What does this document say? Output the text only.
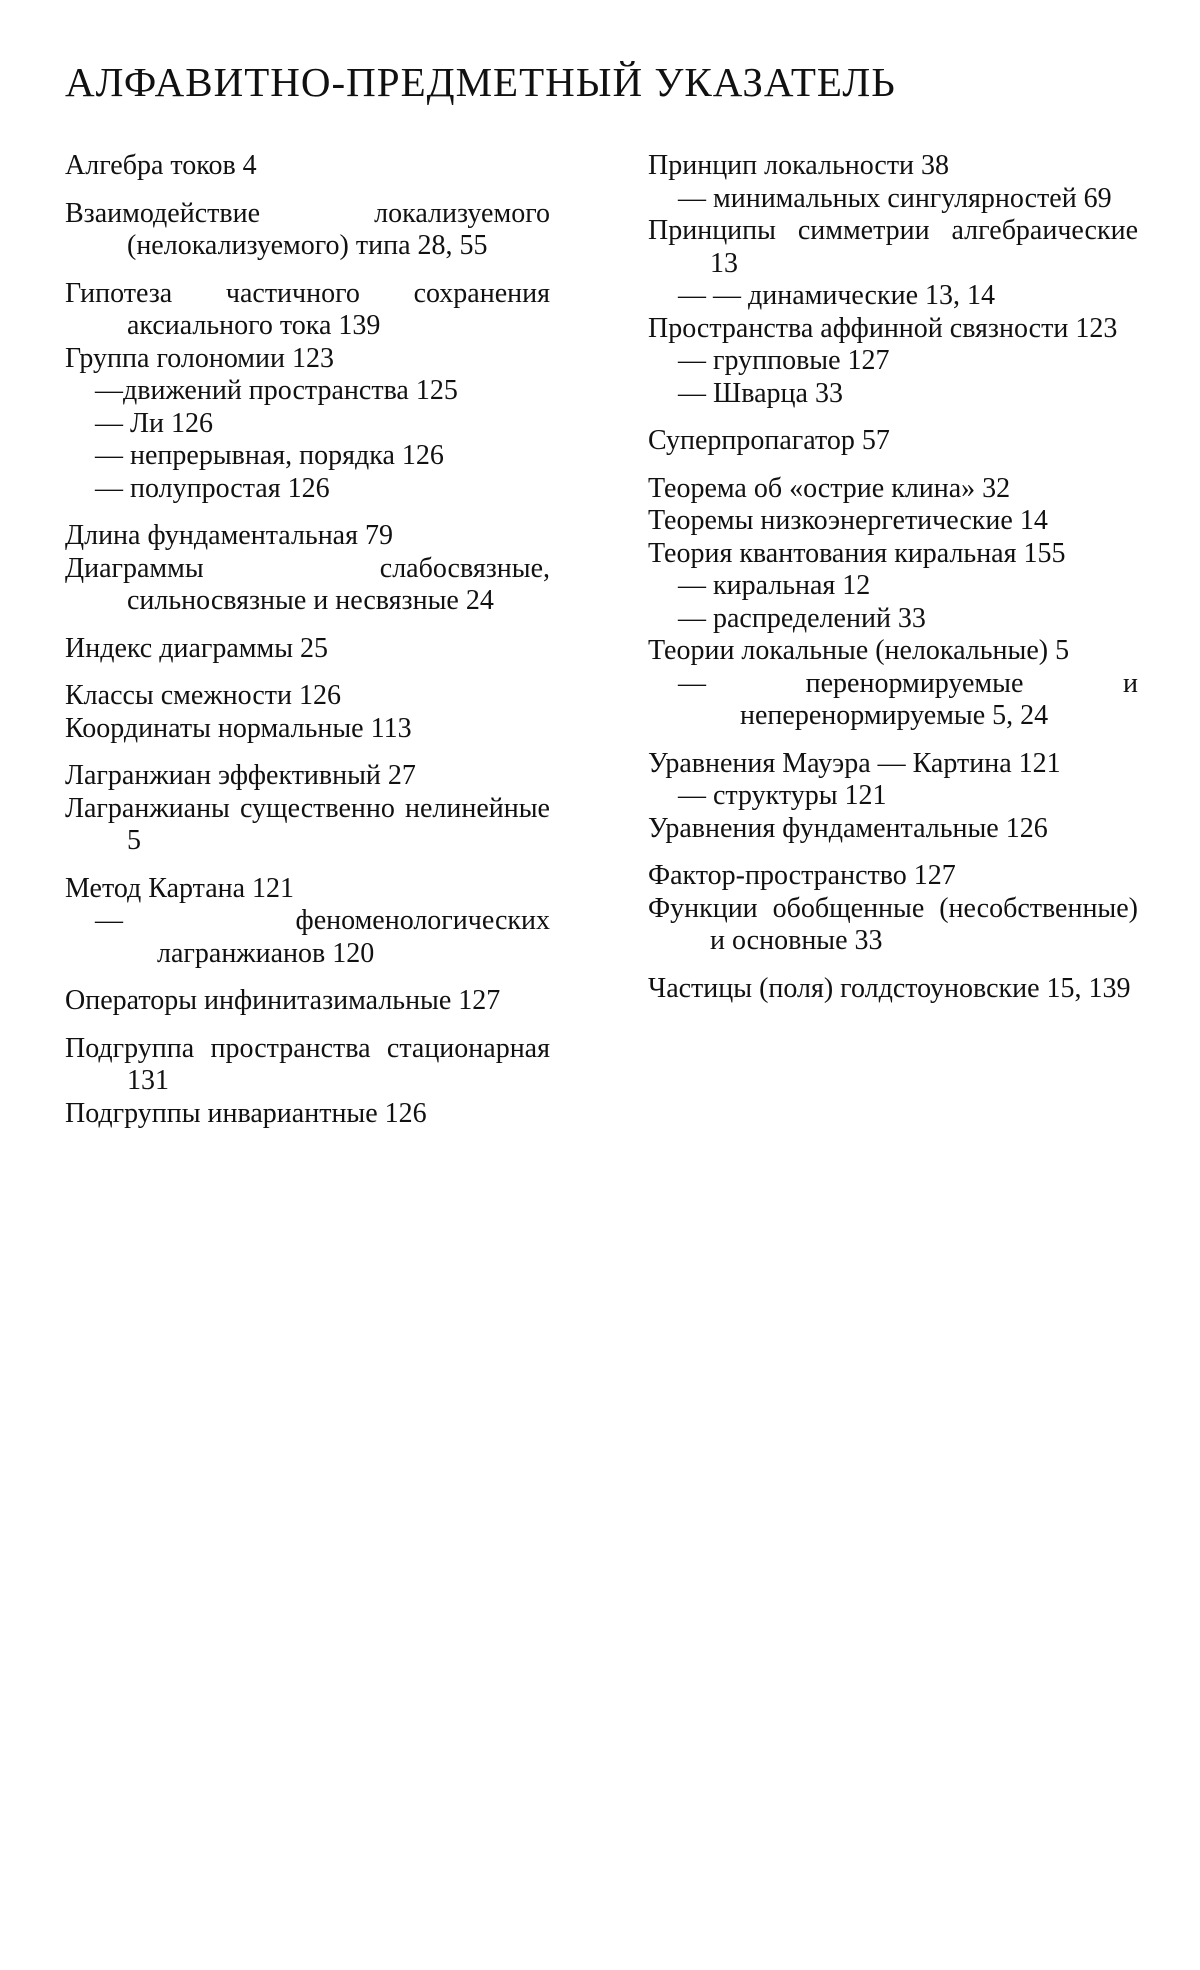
АЛФАВИТНО-ПРЕДМЕТНЫЙ УКАЗАТЕЛЬ
Алгебра токов 4
Взаимодействие локализуемого (нелокализуемого) типа 28, 55
Гипотеза частичного сохранения аксиального тока 139
Группа голономии 123
—движений пространства 125
— Ли 126
— непрерывная, порядка 126
— полупростая 126
Длина фундаментальная 79
Диаграммы слабосвязные, сильносвязные и несвязные 24
Индекс диаграммы 25
Классы смежности 126
Координаты нормальные 113
Лагранжиан эффективный 27
Лагранжианы существенно нелинейные 5
Метод Картана 121
— феноменологических лагранжианов 120
Операторы инфинитазимальные 127
Подгруппа пространства стационарная 131
Подгруппы инвариантные 126
Принцип локальности 38
— минимальных сингулярностей 69
Принципы симметрии алгебраические 13
— — динамические 13, 14
Пространства аффинной связности 123
— групповые 127
— Шварца 33
Суперпропагатор 57
Теорема об «острие клина» 32
Теоремы низкоэнергетические 14
Теория квантования киральная 155
— киральная 12
— распределений 33
Теории локальные (нелокальные) 5
— перенормируемые и неперенормируемые 5, 24
Уравнения Мауэра — Картина 121
— структуры 121
Уравнения фундаментальные 126
Фактор-пространство 127
Функции обобщенные (несобственные) и основные 33
Частицы (поля) голдстоуновские 15, 139
